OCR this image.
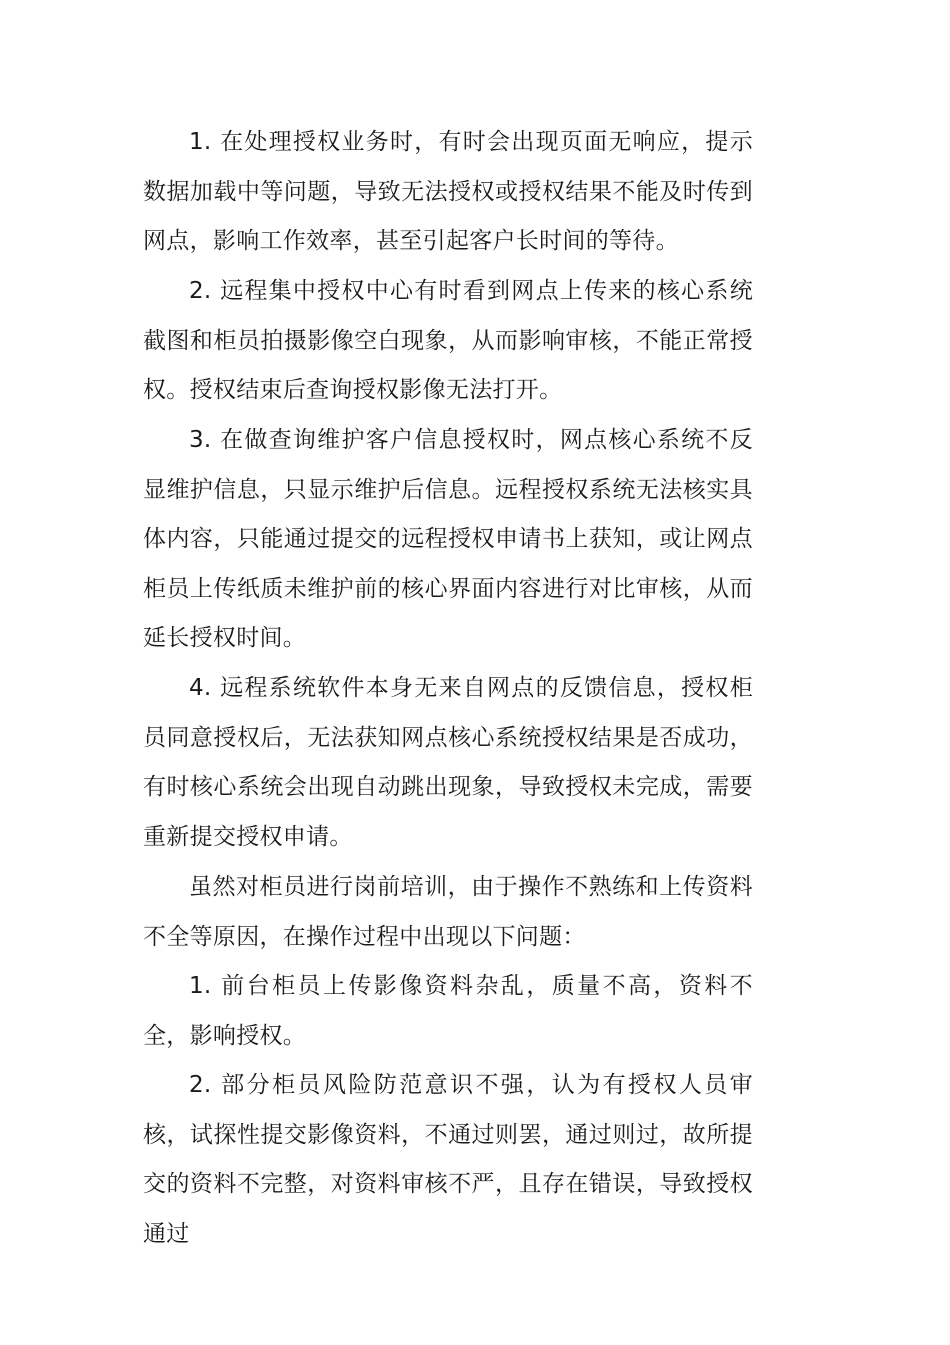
1. 在处理授权业务时，有时会出现页面无响应，提示数据加载中等问题，导致无法授权或授权结果不能及时传到网点，影响工作效率，甚至引起客户长时间的等待。

2. 远程集中授权中心有时看到网点上传来的核心系统截图和柜员拍摄影像空白现象，从而影响审核，不能正常授权。授权结束后查询授权影像无法打开。

3. 在做查询维护客户信息授权时，网点核心系统不反显维护信息，只显示维护后信息。远程授权系统无法核实具体内容，只能通过提交的远程授权申请书上获知，或让网点柜员上传纸质未维护前的核心界面内容进行对比审核，从而延长授权时间。

4. 远程系统软件本身无来自网点的反馈信息，授权柜员同意授权后，无法获知网点核心系统授权结果是否成功，有时核心系统会出现自动跳出现象，导致授权未完成，需要重新提交授权申请。

虽然对柜员进行岗前培训，由于操作不熟练和上传资料不全等原因，在操作过程中出现以下问题：

1. 前台柜员上传影像资料杂乱，质量不高，资料不全，影响授权。

2. 部分柜员风险防范意识不强，认为有授权人员审核，试探性提交影像资料，不通过则罢，通过则过，故所提交的资料不完整，对资料审核不严，且存在错误，导致授权通过
